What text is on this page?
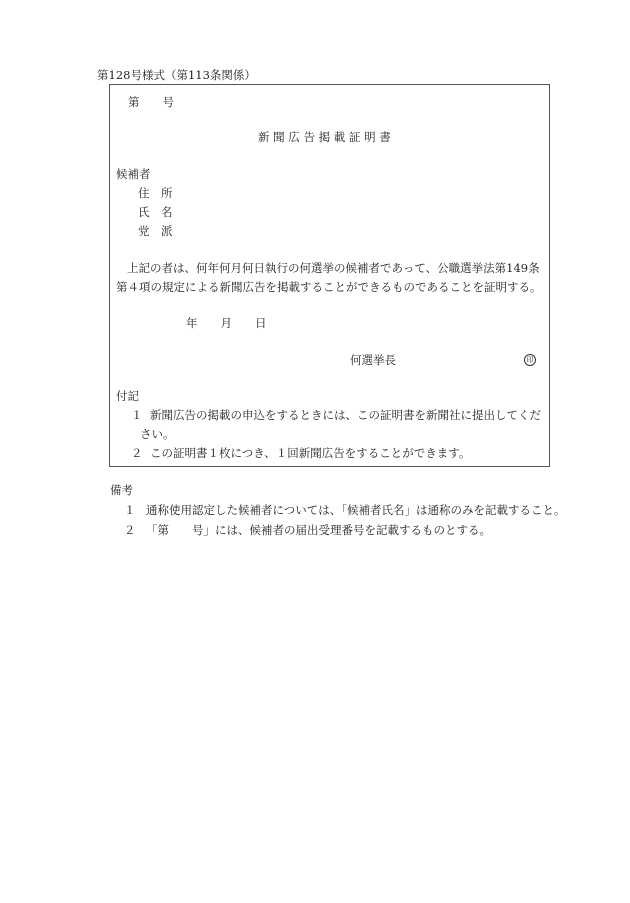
第128号様式（第113条関係）
第　　号
新 聞 広 告 掲 載 証 明 書
候補者
住　所
氏　名
党　派
上記の者は、何年何月何日執行の何選挙の候補者であって、公職選挙法第149条
第４項の規定による新聞広告を掲載することができるものであることを証明する。
年　　月　　日
何選挙長	印
付記
１ 新聞広告の掲載の申込をするときには、この証明書を新聞社に提出してくだ
さい。
２ この証明書１枚につき、１回新聞広告をすることができます。
備考
１ 通称使用認定した候補者については、「候補者氏名」は通称のみを記載すること。
２ 「第　　号」には、候補者の届出受理番号を記載するものとする。
